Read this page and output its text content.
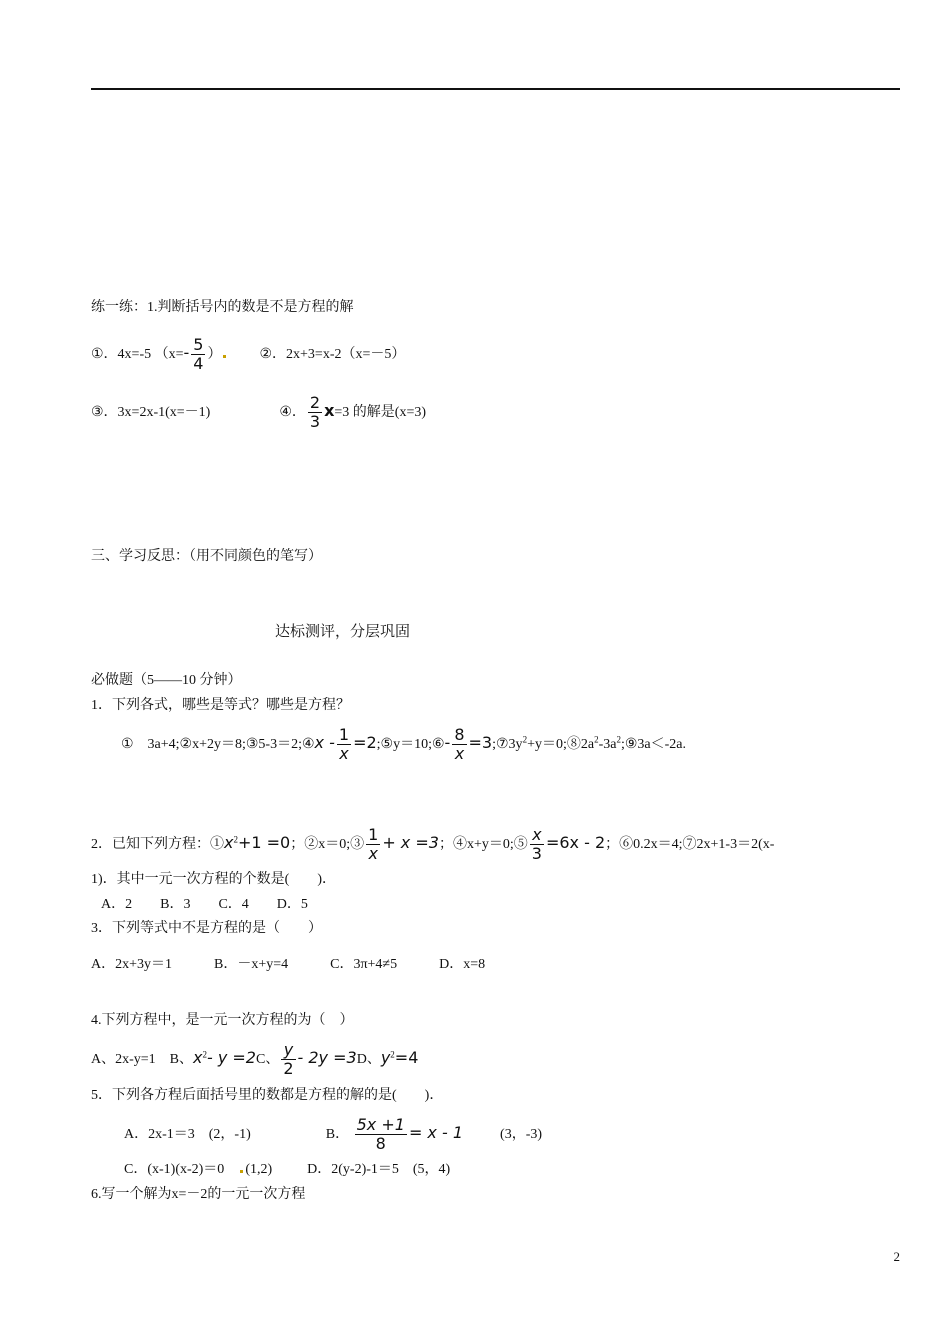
练一练：1.判断括号内的数是不是方程的解
①．4x=-5 （$x=- \frac{5}{4}$ ）	②．2x+3=x-2（x=－5）
③．3x=2x-1(x=－1)	④． $\frac{2}{3} x=3$ 的解是(x=3)
三、学习反思：（用不同颜色的笔写）
达标测评，分层巩固
必做题（5——10 分钟）
1．下列各式，哪些是等式？哪些是方程？
①　3a+4;②x+2y＝8;③5-3＝2;④x - $\frac{1}{x}$ =2;⑤y＝10;⑥- $\frac{8}{x}$ $=3;⑦3y^2+y=0;⑧2a^2-3a^2;⑨3a<-2a$.
2．已知下列方程：$①x^2+1 =0$；②x＝0;③ $\frac{1}{x} + x =3$；④x+y＝0;⑤ $\frac{x}{3} =6x - 2$；⑥0.2x＝4;⑦2x+1-3＝2(x-
1)．其中一元一次方程的个数是(　　)．
A．2　　B．3　　C．4　　D．5
3．下列等式中不是方程的是（　　）
A．2x+3y＝1　　　B．－x+y=4　　　C．3π+4≠5　　　D．x=8
4.下列方程中，是一元一次方程的为（　）
A、2x-y=1　B、$x^2-$ y =2C、 $\frac{y}{2} - 2y =3D$、$y^2=4$
5．下列各方程后面括号里的数都是方程的解的是(　　)．
A．2x-1＝3　(2，-1)	B． $\frac{5x +1}{8} = x - 1$	(3，-3)
C．(x-1)(x-2)＝0　(1,2)	D．2(y-2)-1＝5　(5，4)
6.写一个解为x=－2的一元一次方程
2
